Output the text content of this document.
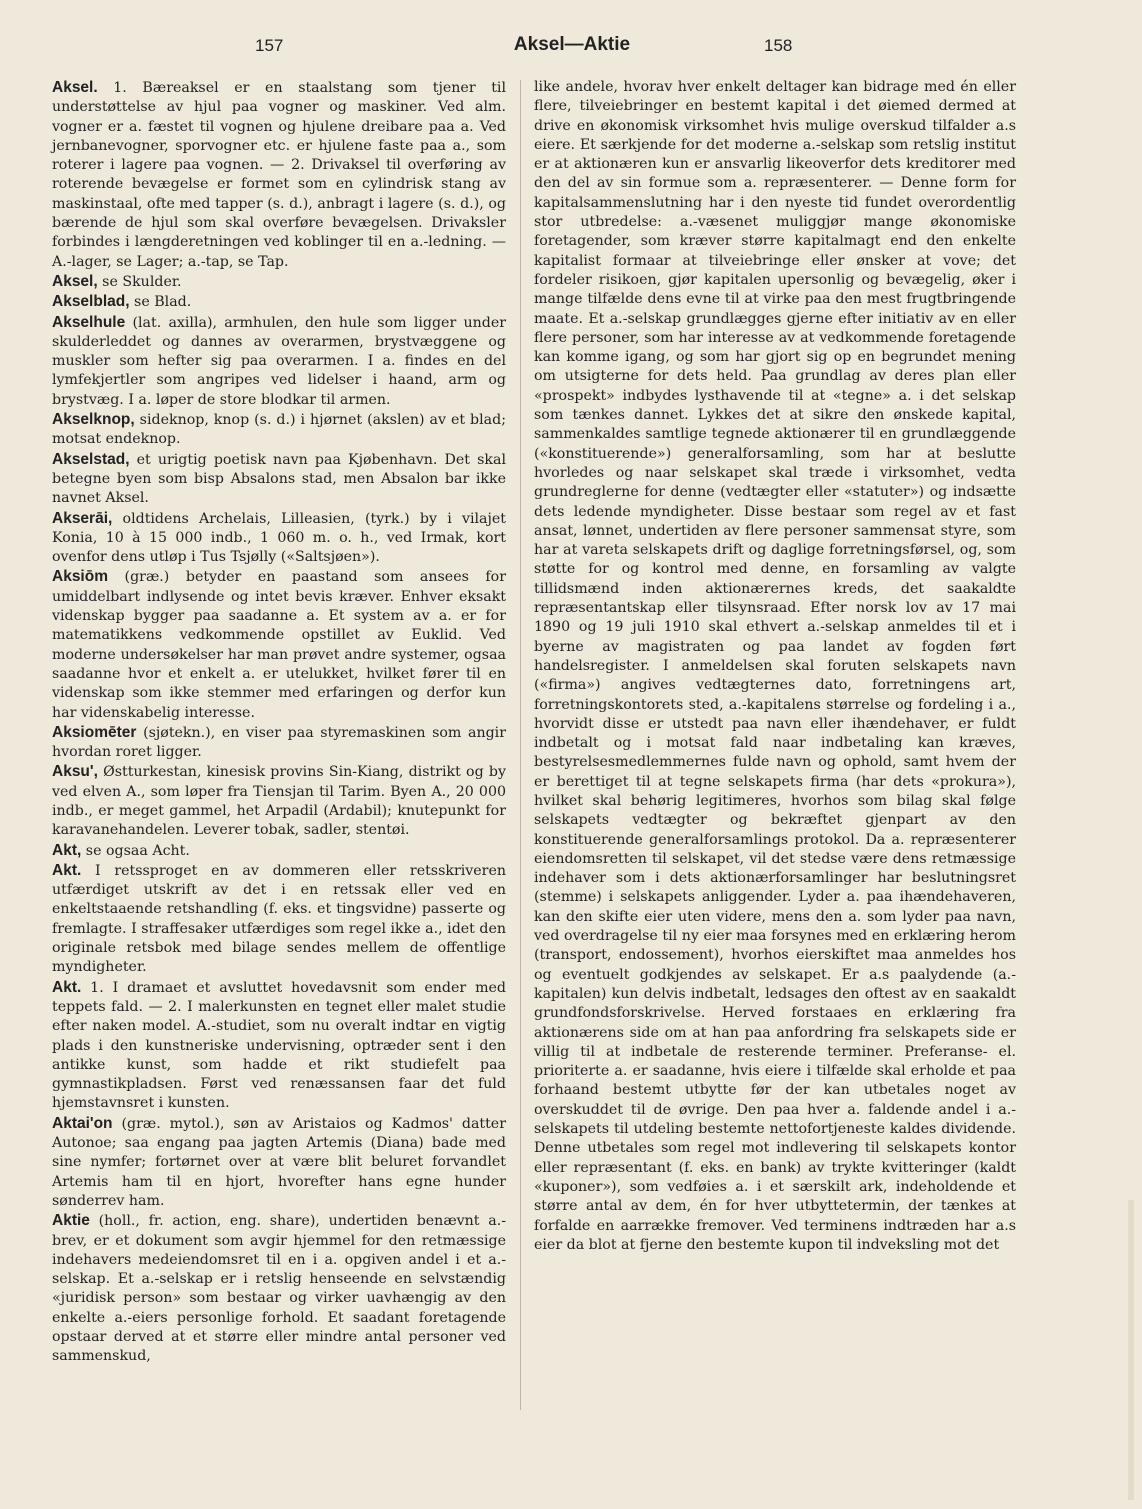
157	Aksel—Aktie	158

Aksel. 1. Bæreaksel er en staalstang som tjener til understøttelse av hjul paa vogner og maskiner. Ved alm. vogner er a. fæstet til vognen og hjulene dreibare paa a. Ved jernbanevogner, sporvogner etc. er hjulene faste paa a., som roterer i lagere paa vognen. — 2. Drivaksel til overføring av roterende bevægelse er formet som en cylindrisk stang av maskinstaal, ofte med tapper (s. d.), anbragt i lagere (s. d.), og bærende de hjul som skal overføre bevægelsen. Drivaksler forbindes i længderetningen ved koblinger til en a.-ledning. — A.-lager, se Lager; a.-tap, se Tap.

Aksel, se Skulder.

Akselblad, se Blad.

Akselhule (lat. axilla), armhulen, den hule som ligger under skulderleddet og dannes av overarmen, brystvæggene og muskler som hefter sig paa overarmen. I a. findes en del lymfekjertler som angripes ved lidelser i haand, arm og brystvæg. I a. løper de store blodkar til armen.

Akselknop, sideknop, knop (s. d.) i hjørnet (akslen) av et blad; motsat endeknop.

Akselstad, et urigtig poetisk navn paa Kjøbenhavn. Det skal betegne byen som bisp Absalons stad, men Absalon bar ikke navnet Aksel.

Akserāi, oldtidens Archelais, Lilleasien, (tyrk.) by i vilajet Konia, 10 à 15 000 indb., 1 060 m. o. h., ved Irmak, kort ovenfor dens utløp i Tus Tsjølly («Saltsjøen»).

Aksiōm (græ.) betyder en paastand som ansees for umiddelbart indlysende og intet bevis kræver. Enhver eksakt videnskap bygger paa saadanne a. Et system av a. er for matematikkens vedkommende opstillet av Euklid. Ved moderne undersøkelser har man prøvet andre systemer, ogsaa saadanne hvor et enkelt a. er utelukket, hvilket fører til en videnskap som ikke stemmer med erfaringen og derfor kun har videnskabelig interesse.

Aksiomēter (sjøtekn.), en viser paa styremaskinen som angir hvordan roret ligger.

Aksu', Østturkestan, kinesisk provins Sin-Kiang, distrikt og by ved elven A., som løper fra Tiensjan til Tarim. Byen A., 20 000 indb., er meget gammel, het Arpadil (Ardabil); knutepunkt for karavanehandelen. Leverer tobak, sadler, stentøi.

Akt, se ogsaa Acht.

Akt. I retssproget en av dommeren eller retsskriveren utfærdiget utskrift av det i en retssak eller ved en enkeltstaaende retshandling (f. eks. et tingsvidne) passerte og fremlagte. I straffesaker utfærdiges som regel ikke a., idet den originale retsbok med bilage sendes mellem de offentlige myndigheter.

Akt. 1. I dramaet et avsluttet hovedavsnit som ender med teppets fald. — 2. I malerkunsten en tegnet eller malet studie efter naken model. A.-studiet, som nu overalt indtar en vigtig plads i den kunstneriske undervisning, optræder sent i den antikke kunst, som hadde et rikt studiefelt paa gymnastikpladsen. Først ved renæssansen faar det fuld hjemstavnsret i kunsten.

Aktai'on (græ. mytol.), søn av Aristaios og Kadmos' datter Autonoe; saa engang paa jagten Artemis (Diana) bade med sine nymfer; fortørnet over at være blit beluret forvandlet Artemis ham til en hjort, hvorefter hans egne hunder sønderrev ham.

Aktie (holl., fr. action, eng. share), undertiden benævnt a.-brev, er et dokument som avgir hjemmel for den retmæssige indehavers medeiendomsret til en i a. opgiven andel i et a.-selskap. Et a.-selskap er i retslig henseende en selvstændig «juridisk person» som bestaar og virker uavhængig av den enkelte a.-eiers personlige forhold. Et saadant foretagende opstaar derved at et større eller mindre antal personer ved sammenskud,

like andele, hvorav hver enkelt deltager kan bidrage med én eller flere, tilveiebringer en bestemt kapital i det øiemed dermed at drive en økonomisk virksomhet hvis mulige overskud tilfalder a.s eiere. Et særkjende for det moderne a.-selskap som retslig institut er at aktionæren kun er ansvarlig likeoverfor dets kreditorer med den del av sin formue som a. repræsenterer. — Denne form for kapitalsammenslutning har i den nyeste tid fundet overordentlig stor utbredelse: a.-væsenet muliggjør mange økonomiske foretagender, som kræver større kapitalmagt end den enkelte kapitalist formaar at tilveiebringe eller ønsker at vove; det fordeler risikoen, gjør kapitalen upersonlig og bevægelig, øker i mange tilfælde dens evne til at virke paa den mest frugtbringende maate. Et a.-selskap grundlægges gjerne efter initiativ av en eller flere personer, som har interesse av at vedkommende foretagende kan komme igang, og som har gjort sig op en begrundet mening om utsigterne for dets held. Paa grundlag av deres plan eller «prospekt» indbydes lysthavende til at «tegne» a. i det selskap som tænkes dannet. Lykkes det at sikre den ønskede kapital, sammenkaldes samtlige tegnede aktionærer til en grundlæggende («konstituerende») generalforsamling, som har at beslutte hvorledes og naar selskapet skal træde i virksomhet, vedta grundreglerne for denne (vedtægter eller «statuter») og indsætte dets ledende myndigheter. Disse bestaar som regel av et fast ansat, lønnet, undertiden av flere personer sammensat styre, som har at vareta selskapets drift og daglige forretningsførsel, og, som støtte for og kontrol med denne, en forsamling av valgte tillidsmænd inden aktionærernes kreds, det saakaldte repræsentantskap eller tilsynsraad. Efter norsk lov av 17 mai 1890 og 19 juli 1910 skal ethvert a.-selskap anmeldes til et i byerne av magistraten og paa landet av fogden ført handelsregister. I anmeldelsen skal foruten selskapets navn («firma») angives vedtægternes dato, forretningens art, forretningskontorets sted, a.-kapitalens størrelse og fordeling i a., hvorvidt disse er utstedt paa navn eller ihændehaver, er fuldt indbetalt og i motsat fald naar indbetaling kan kræves, bestyrelsesmedlemmernes fulde navn og ophold, samt hvem der er berettiget til at tegne selskapets firma (har dets «prokura»), hvilket skal behørig legitimeres, hvorhos som bilag skal følge selskapets vedtægter og bekræftet gjenpart av den konstituerende generalforsamlings protokol. Da a. repræsenterer eiendomsretten til selskapet, vil det stedse være dens retmæssige indehaver som i dets aktionærforsamlinger har beslutningsret (stemme) i selskapets anliggender. Lyder a. paa ihændehaveren, kan den skifte eier uten videre, mens den a. som lyder paa navn, ved overdragelse til ny eier maa forsynes med en erklæring herom (transport, endossement), hvorhos eierskiftet maa anmeldes hos og eventuelt godkjendes av selskapet. Er a.s paalydende (a.-kapitalen) kun delvis indbetalt, ledsages den oftest av en saakaldt grundfondsforskrivelse. Herved forstaaes en erklæring fra aktionærens side om at han paa anfordring fra selskapets side er villig til at indbetale de resterende terminer. Preferanse- el. prioriterte a. er saadanne, hvis eiere i tilfælde skal erholde et paa forhaand bestemt utbytte før der kan utbetales noget av overskuddet til de øvrige. Den paa hver a. faldende andel i a.-selskapets til utdeling bestemte nettofortjeneste kaldes dividende. Denne utbetales som regel mot indlevering til selskapets kontor eller repræsentant (f. eks. en bank) av trykte kvitteringer (kaldt «kuponer»), som vedføies a. i et særskilt ark, indeholdende et større antal av dem, én for hver utbyttetermin, der tænkes at forfalde en aarrække fremover. Ved terminens indtræden har a.s eier da blot at fjerne den bestemte kupon til indveksling mot det
